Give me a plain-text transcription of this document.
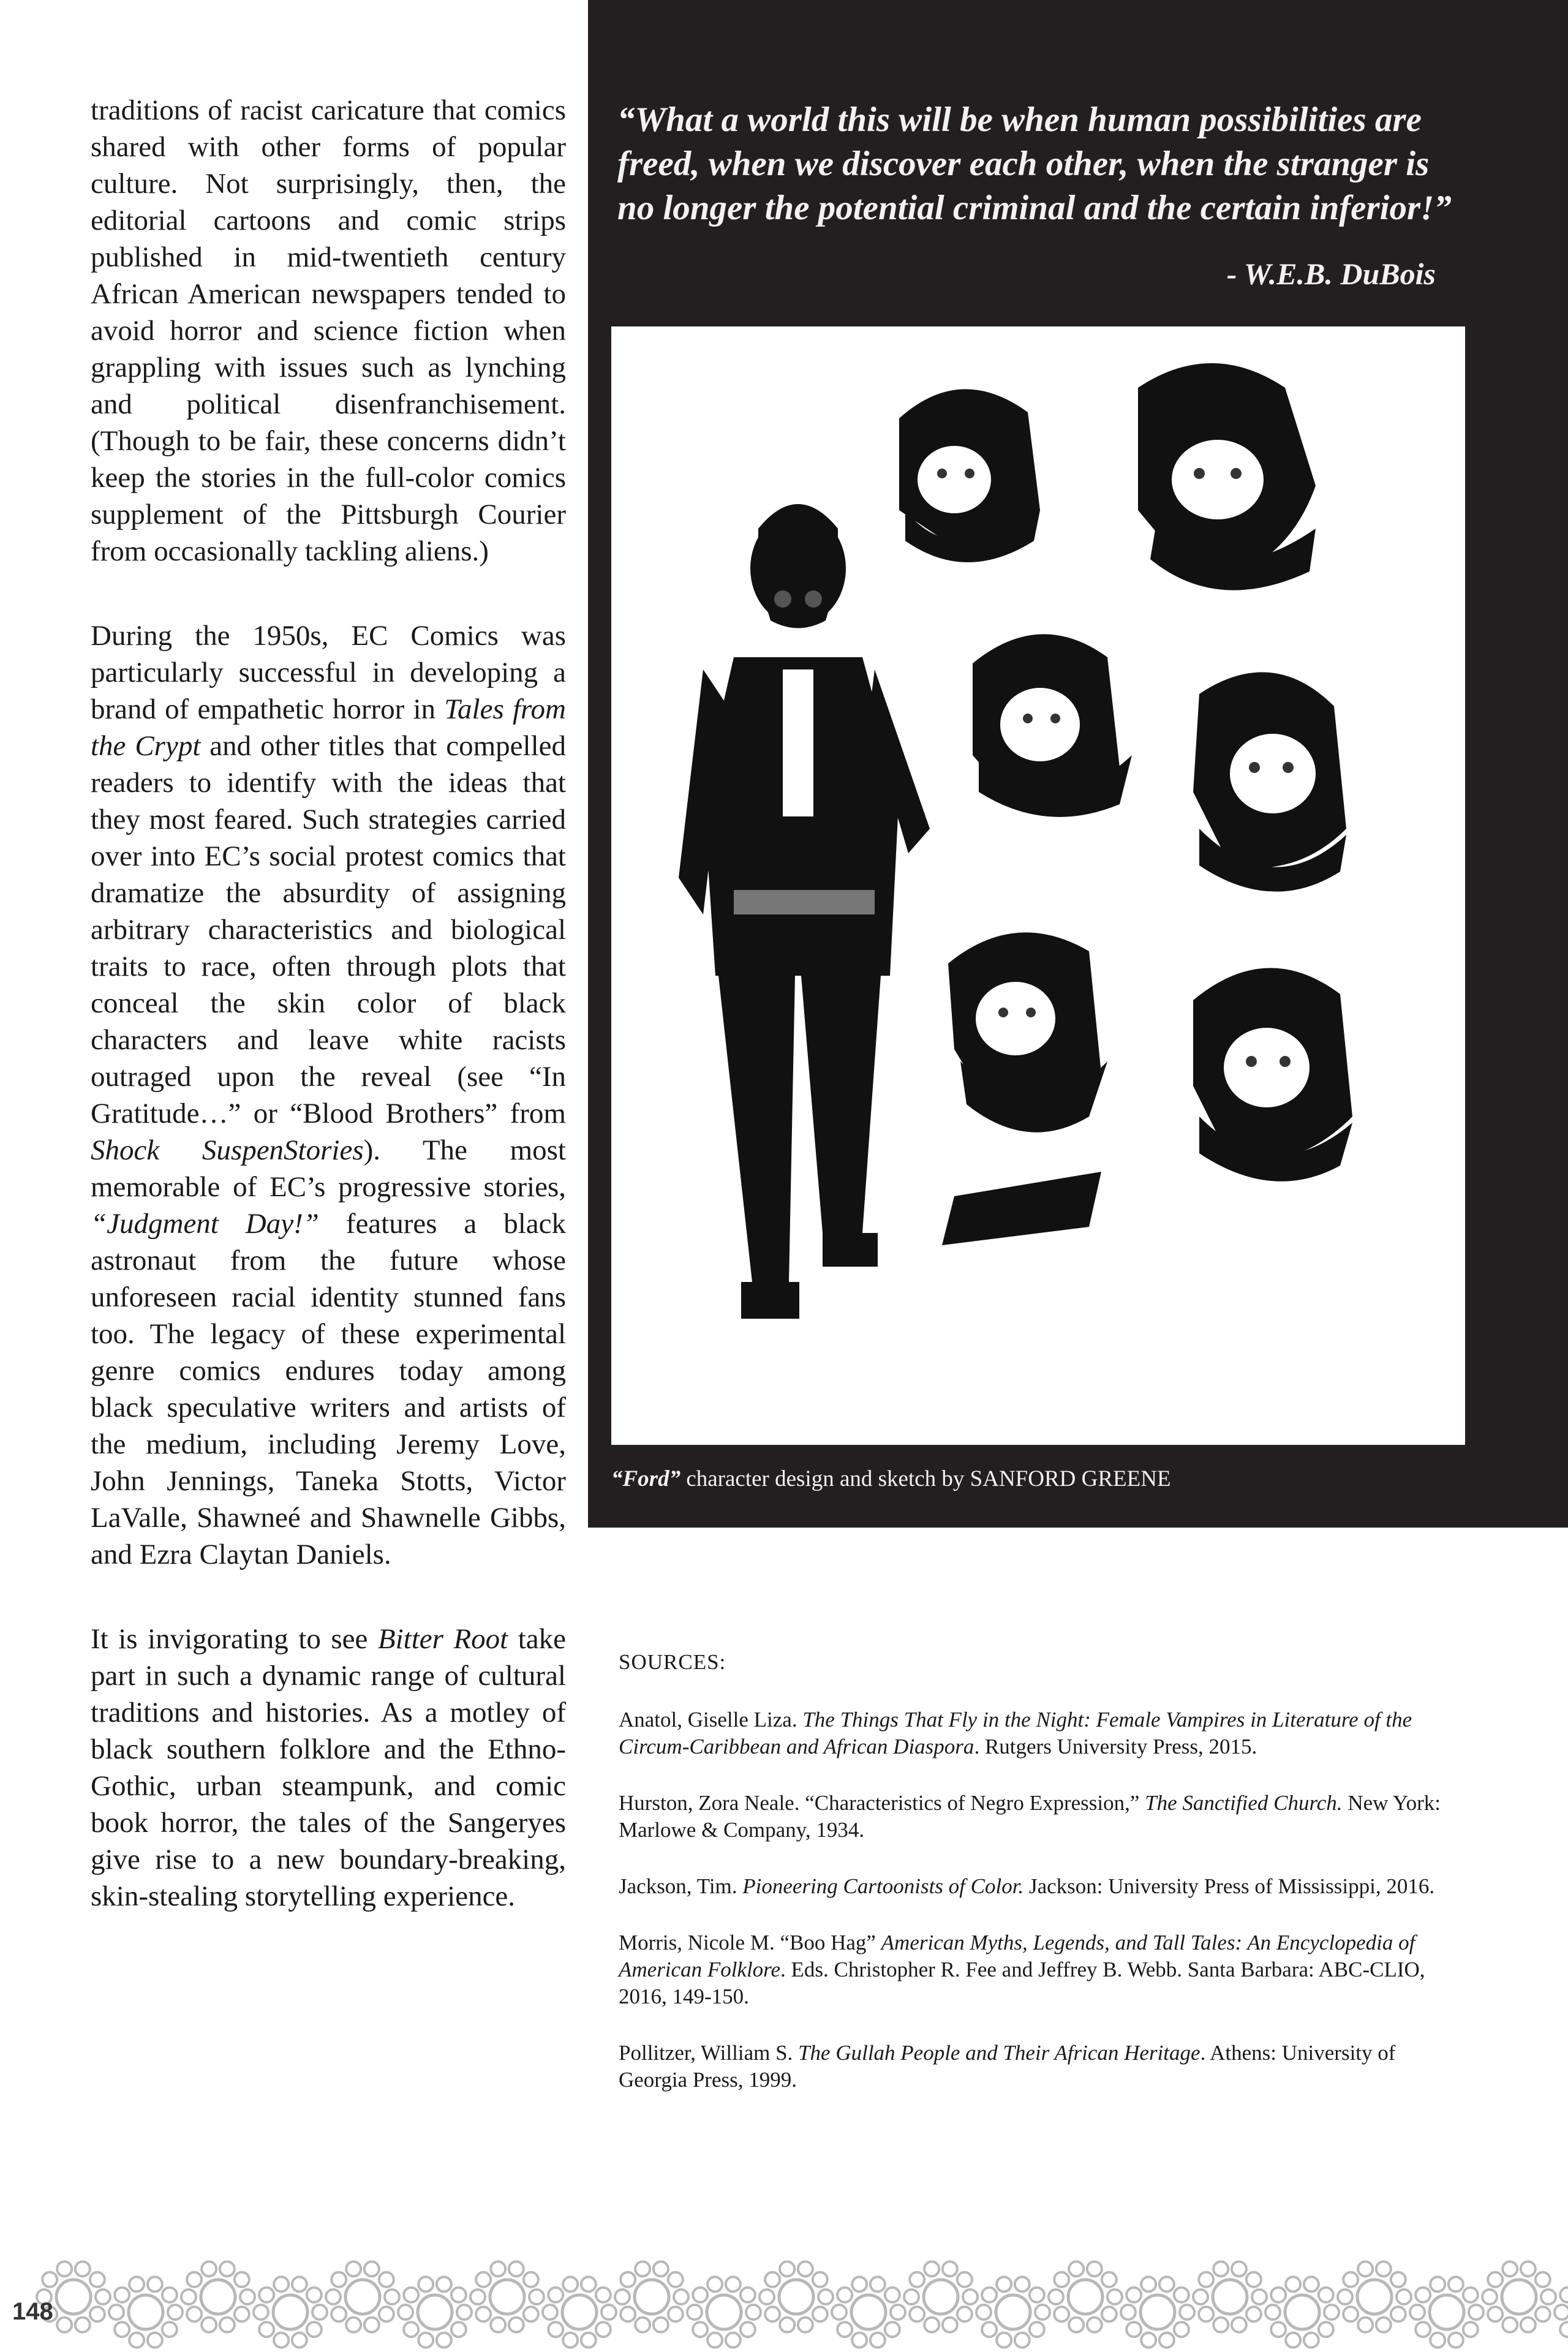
traditions of racist caricature that comics shared with other forms of popular culture. Not surprisingly, then, the editorial cartoons and comic strips published in mid-twentieth century African American newspapers tended to avoid horror and science fiction when grappling with issues such as lynching and political disenfranchisement. (Though to be fair, these concerns didn’t keep the stories in the full-color comics supplement of the Pittsburgh Courier from occasionally tackling aliens.)

During the 1950s, EC Comics was particularly successful in developing a brand of empathetic horror in Tales from the Crypt and other titles that compelled readers to identify with the ideas that they most feared. Such strategies carried over into EC’s social protest comics that dramatize the absurdity of assigning arbitrary characteristics and biological traits to race, often through plots that conceal the skin color of black characters and leave white racists outraged upon the reveal (see “In Gratitude…” or “Blood Brothers” from Shock SuspenStories). The most memorable of EC’s progressive stories, “Judgment Day!” features a black astronaut from the future whose unforeseen racial identity stunned fans too. The legacy of these experimental genre comics endures today among black speculative writers and artists of the medium, including Jeremy Love, John Jennings, Taneka Stotts, Victor LaValle, Shawneé and Shawnelle Gibbs, and Ezra Claytan Daniels.

It is invigorating to see Bitter Root take part in such a dynamic range of cultural traditions and histories. As a motley of black southern folklore and the Ethno-Gothic, urban steampunk, and comic book horror, the tales of the Sangeryes give rise to a new boundary-breaking, skin-stealing storytelling experience.

“What a world this will be when human possibilities are freed, when we discover each other, when the stranger is no longer the potential criminal and the certain inferior!”
- W.E.B. DuBois
“Ford” character design and sketch by SANFORD GREENE

SOURCES:

Anatol, Giselle Liza. The Things That Fly in the Night: Female Vampires in Literature of the Circum-Caribbean and African Diaspora. Rutgers University Press, 2015.

Hurston, Zora Neale. “Characteristics of Negro Expression,” The Sanctified Church. New York: Marlowe & Company, 1934.

Jackson, Tim. Pioneering Cartoonists of Color. Jackson: University Press of Mississippi, 2016.

Morris, Nicole M. “Boo Hag” American Myths, Legends, and Tall Tales: An Encyclopedia of American Folklore. Eds. Christopher R. Fee and Jeffrey B. Webb. Santa Barbara: ABC-CLIO, 2016, 149-150.

Pollitzer, William S. The Gullah People and Their African Heritage. Athens: University of Georgia Press, 1999.

148
